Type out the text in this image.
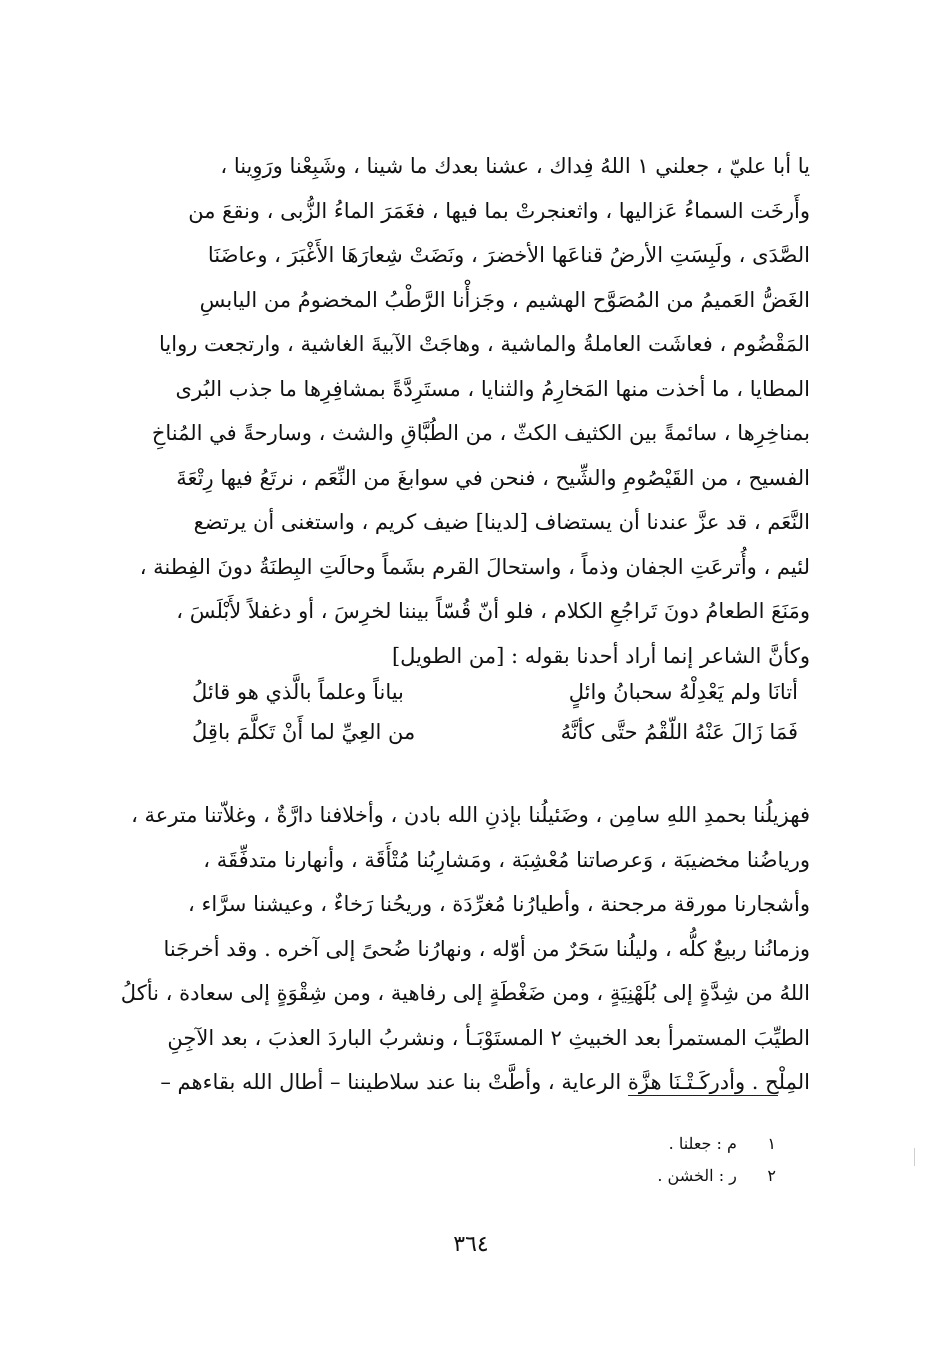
يا أبا عليّ ، جعلني ١ اللهُ فِداك ، عشنا بعدك ما شينا ، وشَبِعْنا ورَوِينا ،
وأَرخَت السماءُ عَزاليها ، واثعنجرتْ بما فيها ، فغَمَرَ الماءُ الزُّبى ، ونقعَ من
الصَّدَى ، ولَبِسَتِ الأرضُ قناعَها الأخضرَ ، ونَضَتْ شِعارَهَا الأَغْبَرَ ، وعاضَنَا
الغَضُّ العَميمُ من المُصَوَّح الهشيم ، وجَزأْنا الرَّطْبُ المخضومُ من اليابسِ
المَقْضُوم ، فعاشَت العاملةُ والماشية ، وهاجَتْ الآبيةَ الغاشية ، وارتجعت روايا
المطايا ، ما أخذت منها المَخارِمُ والثنايا ، مستَرِدَّةً بمشافِرِها ما جذب البُرى
بمناخِرِها ، سائمةً بين الكثيف الكثّ ، من الطُبَّاقِ والشث ، وسارحةً في المُناخِ
الفسيح ، من القَيْصُومِ والشِّيح ، فنحن في سوابغَ من النِّعَم ، نرتَعُ فيها رِتْعَةَ
النَّعَم ، قد عزَّ عندنا أن يستضاف [لدينا] ضيف كريم ، واستغنى أن يرتضع
لئيم ، وأُترعَتِ الجفان وذماً ، واستحالَ القرم بشَماً وحالَتِ البِطنَةُ دونَ الفِطنة ،
ومَنَعَ الطعامُ دونَ تَراجُعِ الكلام ، فلو أنّ قُسّاً بيننا لخرِسَ ، أو دغفلاً لأَبْلَسَ ،
وكأنَّ الشاعر إنما أراد أحدنا بقوله : [من الطويل]
أتانَا ولم يَعْدِلْهُ سحبانُ وائلٍ
بياناً وعلماً بالَّذي هو قائلُ
فَمَا زَالَ عَنْهُ اللّقْمُ حتَّى كأنَّهُ
من العِيِّ لما أَنْ تَكلَّمَ باقِلُ
فهزيلُنا بحمدِ اللهِ سامِن ، وضَئيلُنا بإذنِ الله بادن ، وأخلافنا دارَّةٌ ، وغلاّتنا مترعة ،
ورياضُنا مخضيبَة ، وَعرصاتنا مُعْشِبَة ، ومَشارِبُنا مُتْأَقَة ، وأنهارنا متدفِّقَة ،
وأشجارنا مورقة مرجحنة ، وأطيارُنا مُغرِّدَة ، وريحُنا رَخاءٌ ، وعيشنا سرَّاء ،
وزمانُنا ربيعٌ كلُّه ، وليلُنا سَحَرٌ من أوّله ، ونهارُنا ضُحىً إلى آخره . وقد أخرجَنا
اللهُ من شِدَّةٍ إلى بُلَهْنِيَةٍ ، ومن ضَغْطَةٍ إلى رفاهية ، ومن شِقْوَةٍ إلى سعادة ، نأكلُ
الطيِّبَ المستمرأ بعد الخبيثِ ٢ المستَوْبَـأ ، ونشربُ الباردَ العذبَ ، بعد الآجِنِ
المِلْح . وأدركَـتْـنَا هزَّة الرعاية ، وأطَّتْ بنا عند سلاطيننا – أطال الله بقاءهم –
١ م : جعلنا .
٢ ر : الخشن .
٣٦٤
